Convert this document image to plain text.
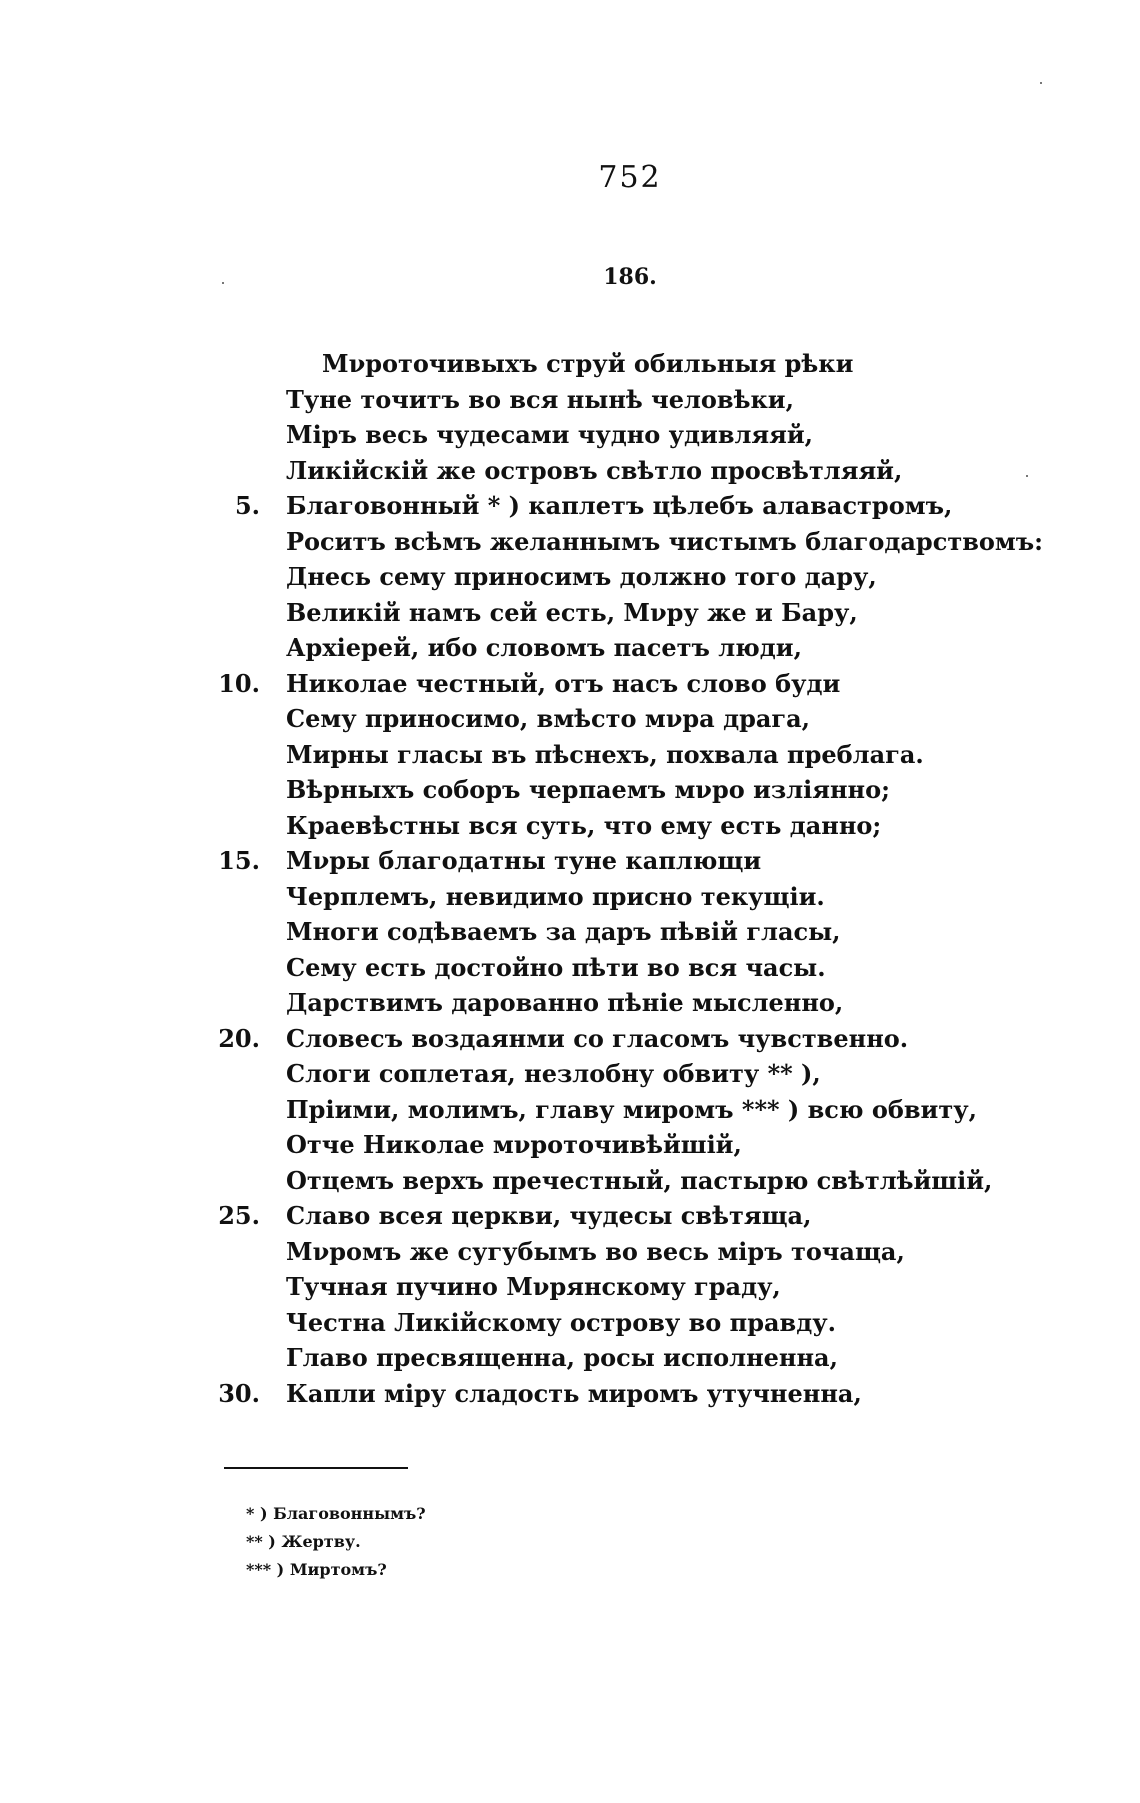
752
186.
Мνроточивыхъ струй обильныя рѣки
Туне точитъ во вся нынѣ человѣки,
Міръ весь чудесами чудно удивляяй,
Ликійскій же островъ свѣтло просвѣтляяй,
5. Благовонный * ) каплетъ цѣлебъ алавастромъ,
Роситъ всѣмъ желаннымъ чистымъ благодарствомъ:
Днесь сему приносимъ должно того дару,
Великій намъ сей есть, Мνру же и Бару,
Архіерей, ибо словомъ пасетъ люди,
10. Николае честный, отъ насъ слово буди
Сему приносимо, вмѣсто мνра драга,
Мирны гласы въ пѣснехъ, похвала преблага.
Вѣрныхъ соборъ черпаемъ мνро изліянно;
Краевѣстны вся суть, что ему есть данно;
15. Мνры благодатны туне каплющи
Черплемъ, невидимо присно текущіи.
Многи содѣваемъ за даръ пѣвій гласы,
Сему есть достойно пѣти во вся часы.
Дарствимъ дарованно пѣніе мысленно,
20. Словесъ воздаянми со гласомъ чувственно.
Слоги соплетая, незлобну обвиту ** ),
Пріими, молимъ, главу миромъ *** ) всю обвиту,
Отче Николае мνроточивѣйшій,
Отцемъ верхъ пречестный, пастырю свѣтлѣйшій,
25. Славо всея церкви, чудесы свѣтяща,
Мνромъ же сугубымъ во весь міръ точаща,
Тучная пучино Мνрянскому граду,
Честна Ликійскому острову во правду.
Главо пресвященна, росы исполненна,
30. Капли міру сладость миромъ утучненна,
* ) Благовоннымъ?
** ) Жертву.
*** ) Миртомъ?
